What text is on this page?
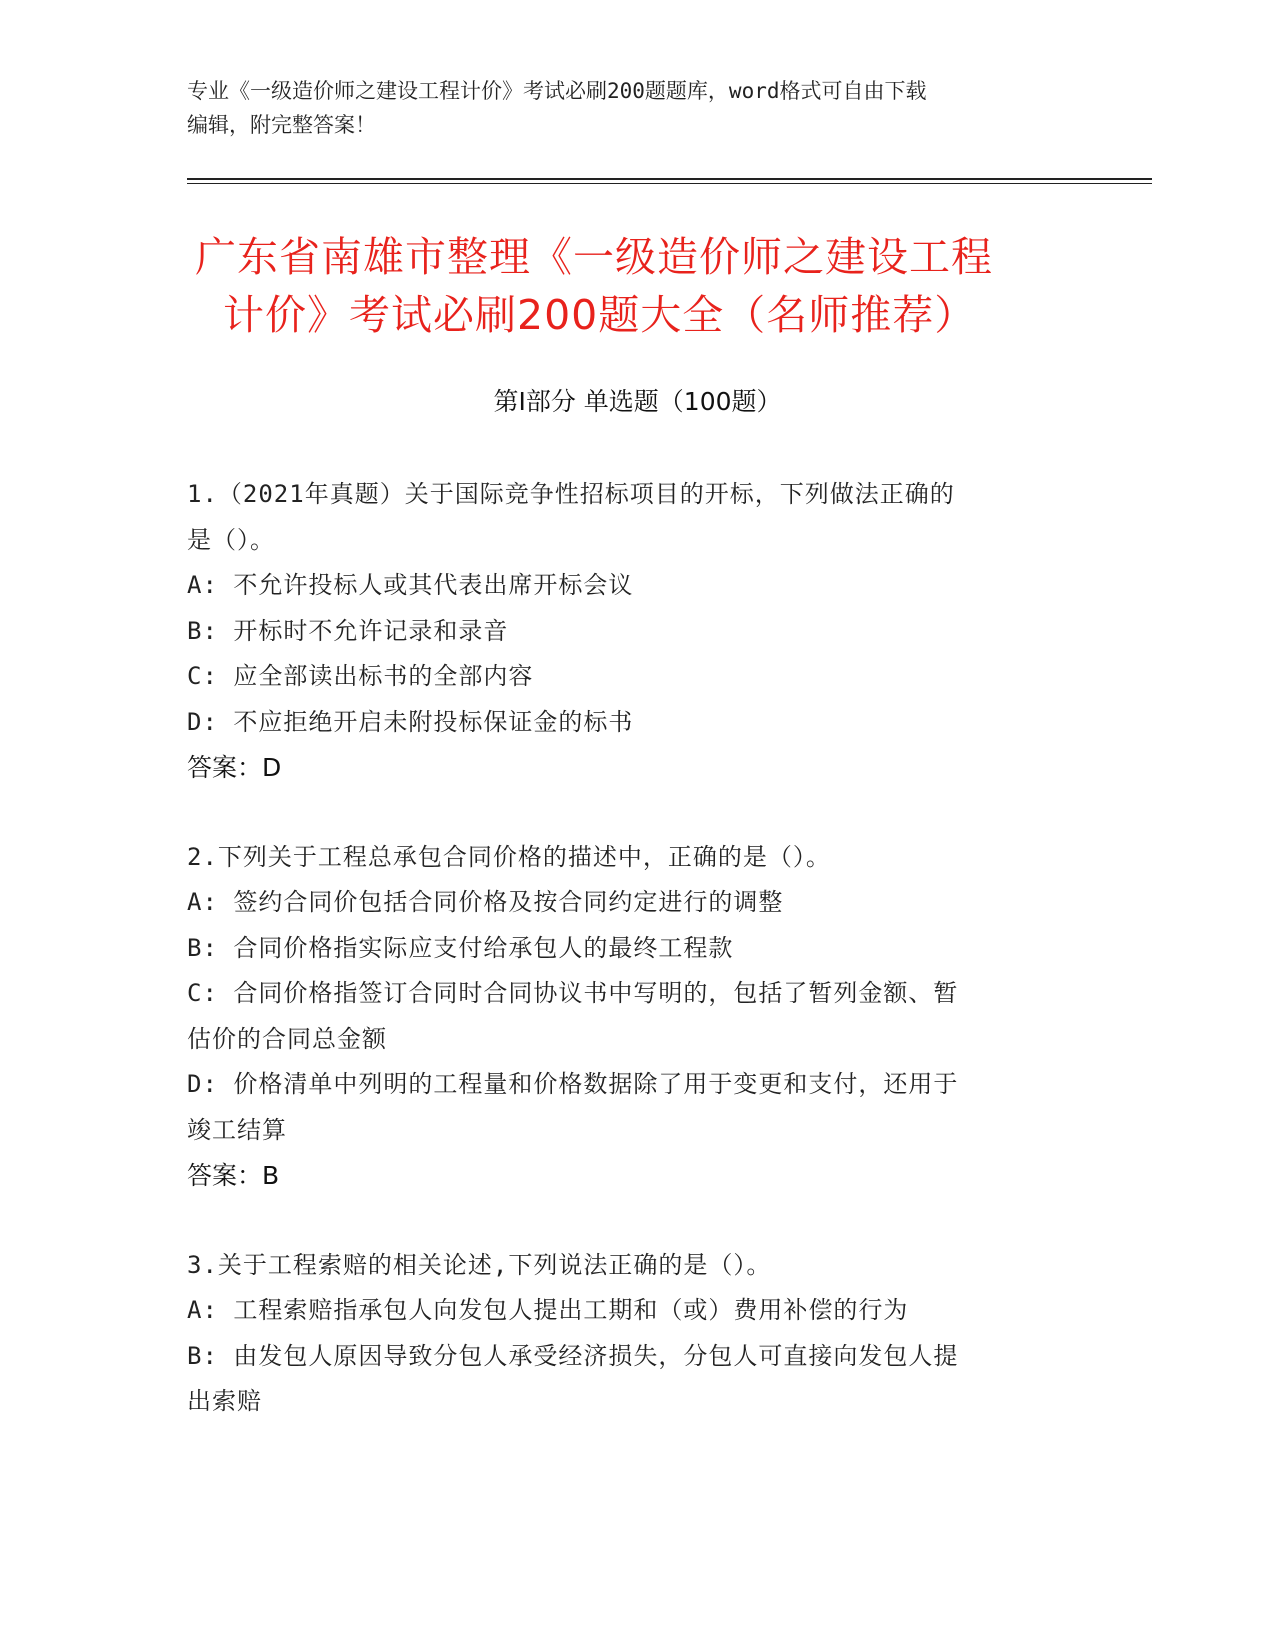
专业《一级造价师之建设工程计价》考试必刷200题题库，word格式可自由下载
编辑，附完整答案！
广东省南雄市整理《一级造价师之建设工程
计价》考试必刷200题大全（名师推荐）
第Ⅰ部分 单选题（100题）
1.（2021年真题）关于国际竞争性招标项目的开标，下列做法正确的
是（）。
A: 不允许投标人或其代表出席开标会议
B: 开标时不允许记录和录音
C: 应全部读出标书的全部内容
D: 不应拒绝开启未附投标保证金的标书
答案：D
2.下列关于工程总承包合同价格的描述中，正确的是（）。
A: 签约合同价包括合同价格及按合同约定进行的调整
B: 合同价格指实际应支付给承包人的最终工程款
C: 合同价格指签订合同时合同协议书中写明的，包括了暂列金额、暂
估价的合同总金额
D: 价格清单中列明的工程量和价格数据除了用于变更和支付，还用于
竣工结算
答案：B
3.关于工程索赔的相关论述,下列说法正确的是（）。
A: 工程索赔指承包人向发包人提出工期和（或）费用补偿的行为
B: 由发包人原因导致分包人承受经济损失，分包人可直接向发包人提
出索赔
